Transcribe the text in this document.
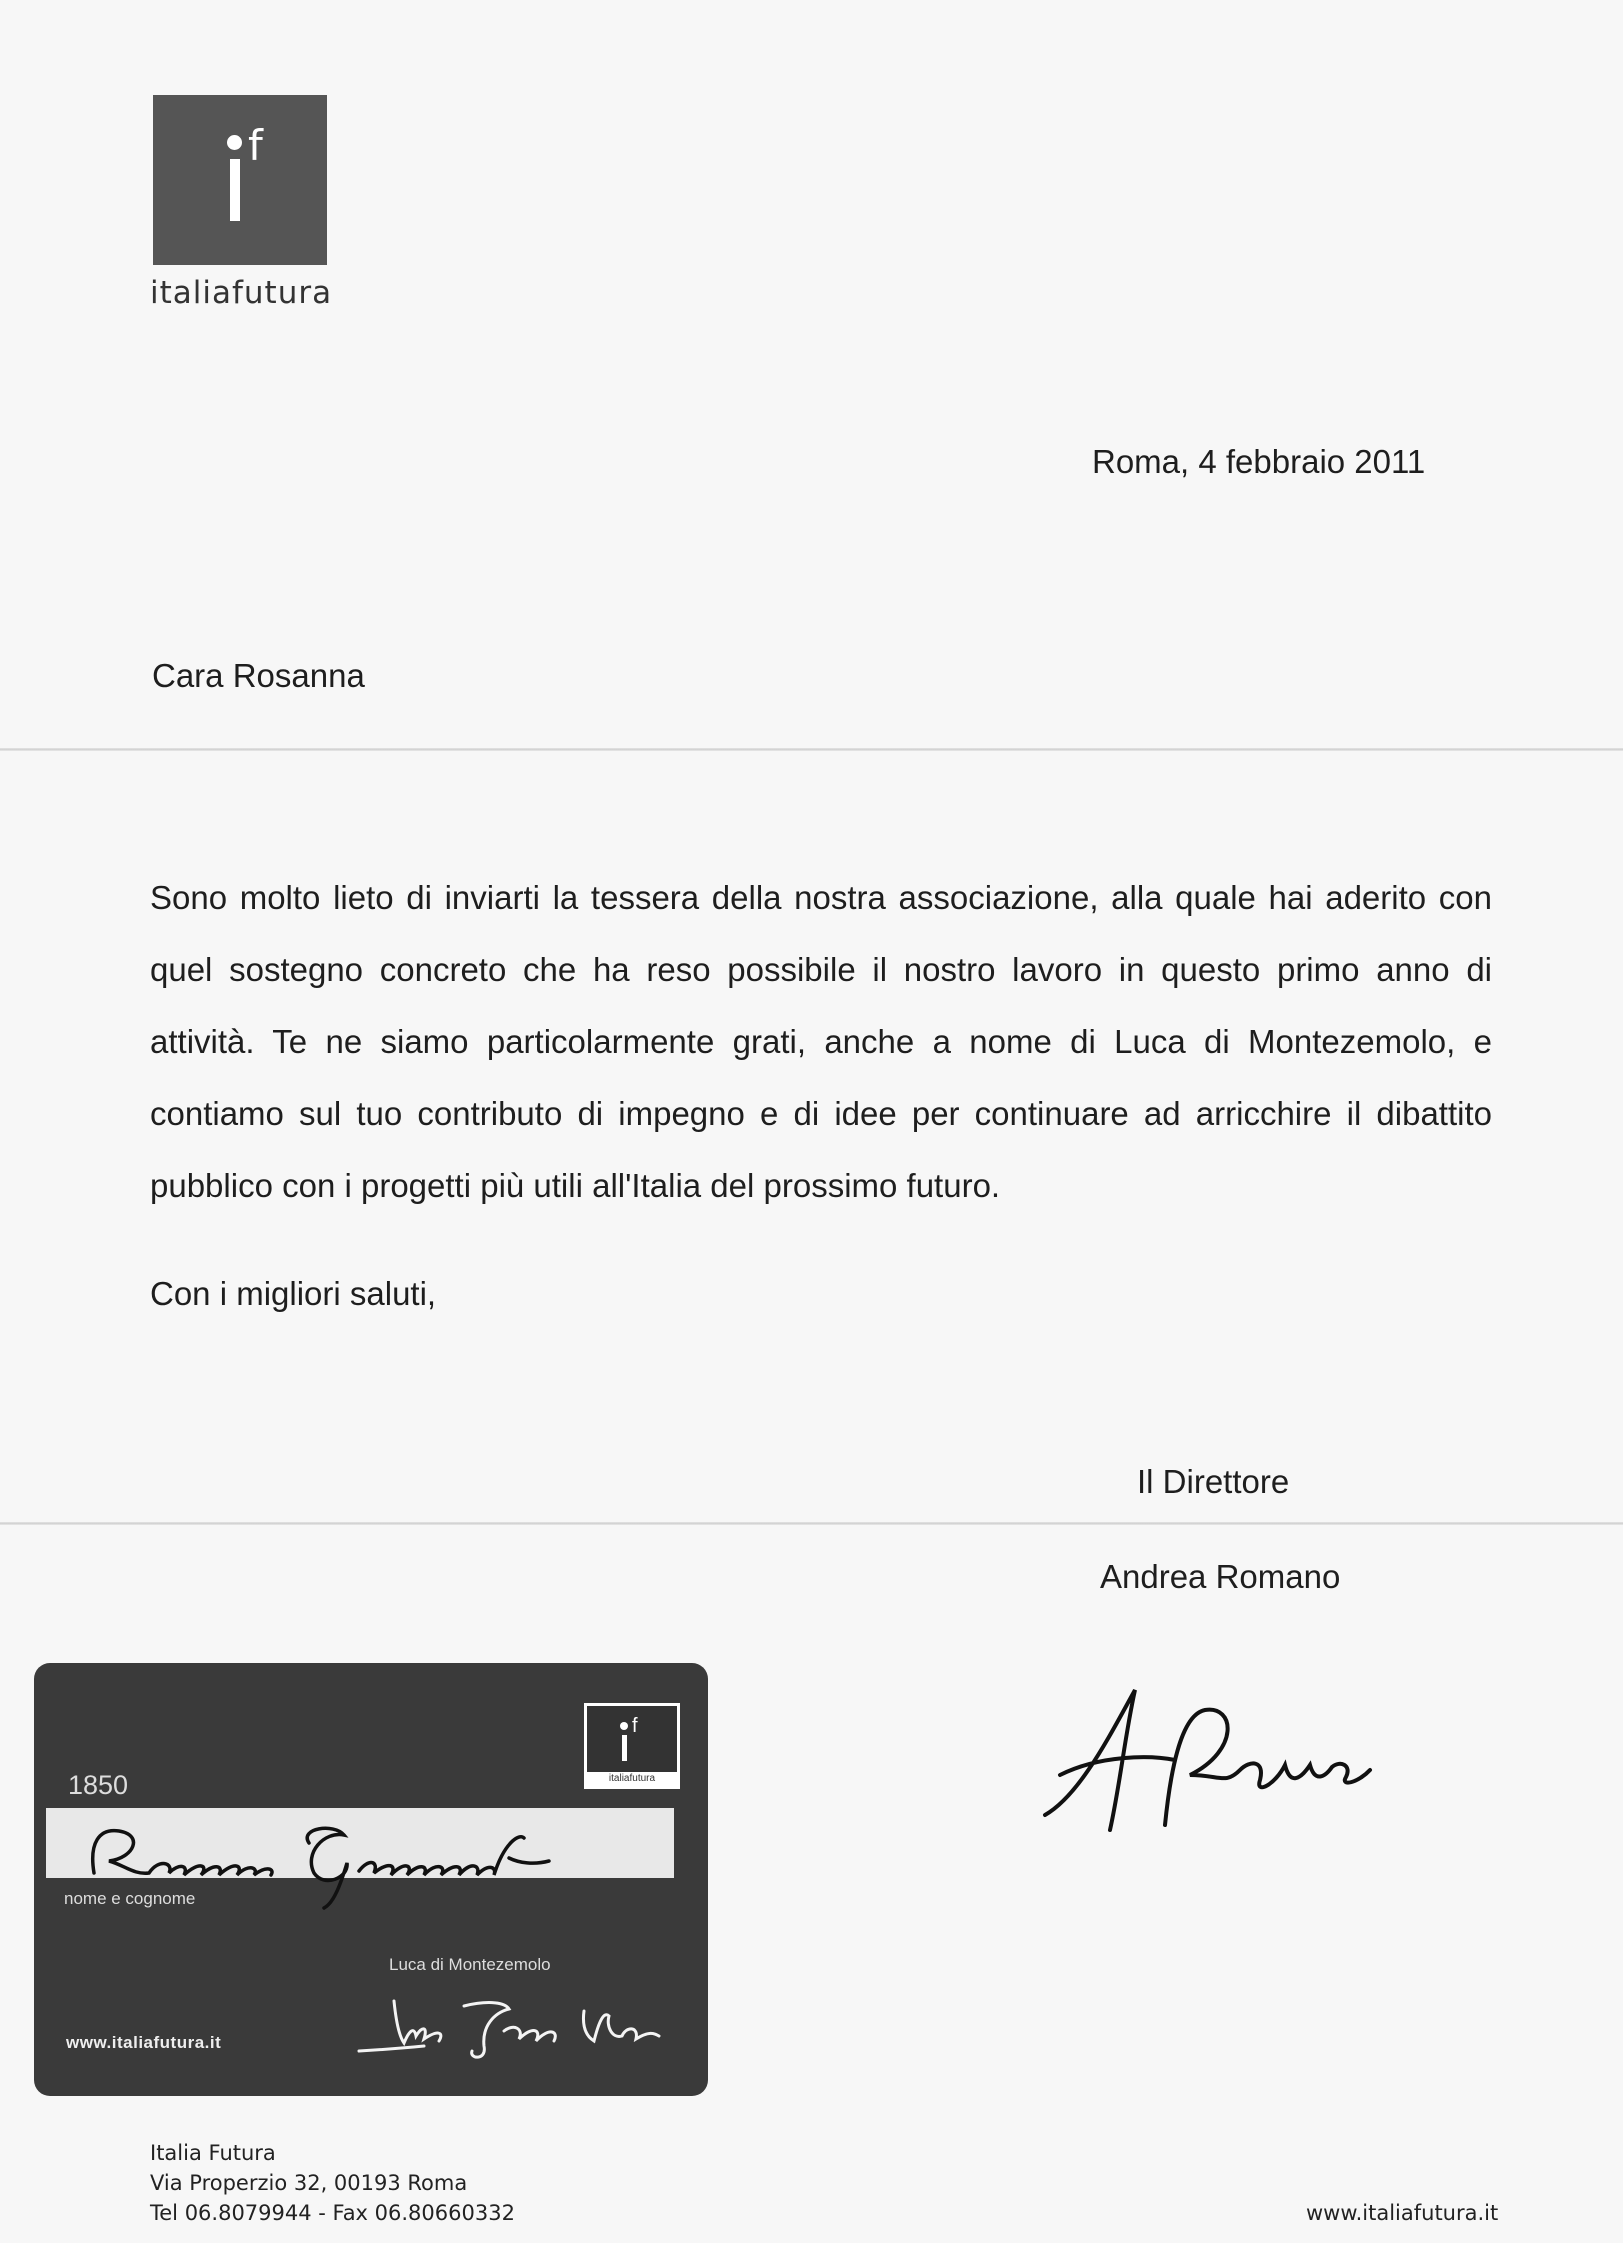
f
italiafutura
Roma, 4 febbraio 2011
Cara Rosanna
Sono molto lieto di inviarti la tessera della nostra associazione, alla quale hai aderito con quel sostegno concreto che ha reso possibile il nostro lavoro in questo primo anno di attività. Te ne siamo particolarmente grati, anche a nome di Luca di Montezemolo, e contiamo sul tuo contributo di impegno e di idee per continuare ad arricchire il dibattito pubblico con i progetti più utili all'Italia del prossimo futuro.
Con i migliori saluti,
Il Direttore
Andrea Romano
f
italiafutura
1850
nome e cognome
Luca di Montezemolo
www.italiafutura.it
Italia Futura
Via Properzio 32, 00193 Roma
Tel 06.8079944 - Fax 06.80660332	www.italiafutura.it
